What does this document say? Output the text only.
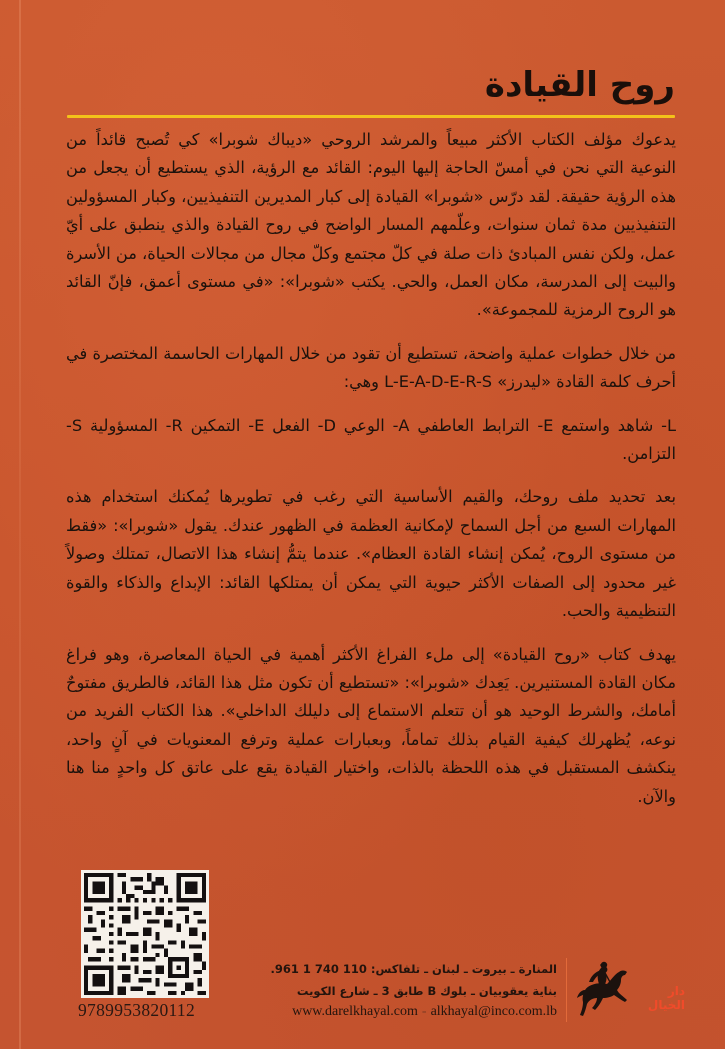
روح القيادة

يدعوك مؤلف الكتاب الأكثر مبيعاً والمرشد الروحي «ديباك شوبرا» كي تُصبح قائداً من النوعية التي نحن في أمسّ الحاجة إليها اليوم: القائد مع الرؤية، الذي يستطيع أن يجعل من هذه الرؤية حقيقة. لقد درّس «شوبرا» القيادة إلى كبار المديرين التنفيذيين، وكبار المسؤولين التنفيذيين مدة ثمان سنوات، وعلّمهم المسار الواضح في روح القيادة والذي ينطبق على أيّ عمل، ولكن نفس المبادئ ذات صلة في كلّ مجتمع وكلّ مجال من مجالات الحياة، من الأسرة والبيت إلى المدرسة، مكان العمل، والحي. يكتب «شوبرا»: «في مستوى أعمق، فإنّ القائد هو الروح الرمزية للمجموعة».

من خلال خطوات عملية واضحة، تستطيع أن تقود من خلال المهارات الحاسمة المختصرة في أحرف كلمة القادة «ليدرز» L-E-A-D-E-R-S وهي:

L- شاهد واستمع E- الترابط العاطفي A- الوعي D- الفعل E- التمكين R- المسؤولية S- التزامن.

بعد تحديد ملف روحك، والقيم الأساسية التي رغب في تطويرها يُمكنك استخدام هذه المهارات السبع من أجل السماح لإمكانية العظمة في الظهور عندك. يقول «شوبرا»: «فقط من مستوى الروح، يُمكن إنشاء القادة العظام». عندما يتمُّ إنشاء هذا الاتصال، تمتلك وصولاً غير محدود إلى الصفات الأكثر حيوية التي يمكن أن يمتلكها القائد: الإبداع والذكاء والقوة التنظيمية والحب.

يهدف كتاب «روح القيادة» إلى ملء الفراغ الأكثر أهمية في الحياة المعاصرة، وهو فراغ مكان القادة المستنيرين. يَعِدك «شوبرا»: «تستطيع أن تكون مثل هذا القائد، فالطريق مفتوحٌ أمامك، والشرط الوحيد هو أن تتعلم الاستماع إلى دليلك الداخلي». هذا الكتاب الفريد من نوعه، يُظهرلك كيفية القيام بذلك تماماً، وبعبارات عملية وترفع المعنويات في آنٍ واحد، ينكشف المستقبل في هذه اللحظة بالذات، واختيار القيادة يقع على عاتق كل واحدٍ منا هنا والآن.

9789953820112
المنارة ـ بيروت ـ لبنان ـ تلفاكس: 110 740 1 961.
بناية يعقوبيان ـ بلوك B طابق 3 ـ شارع الكويت
www.darelkhayal.com - alkhayal@inco.com.lb
دار الخيال
